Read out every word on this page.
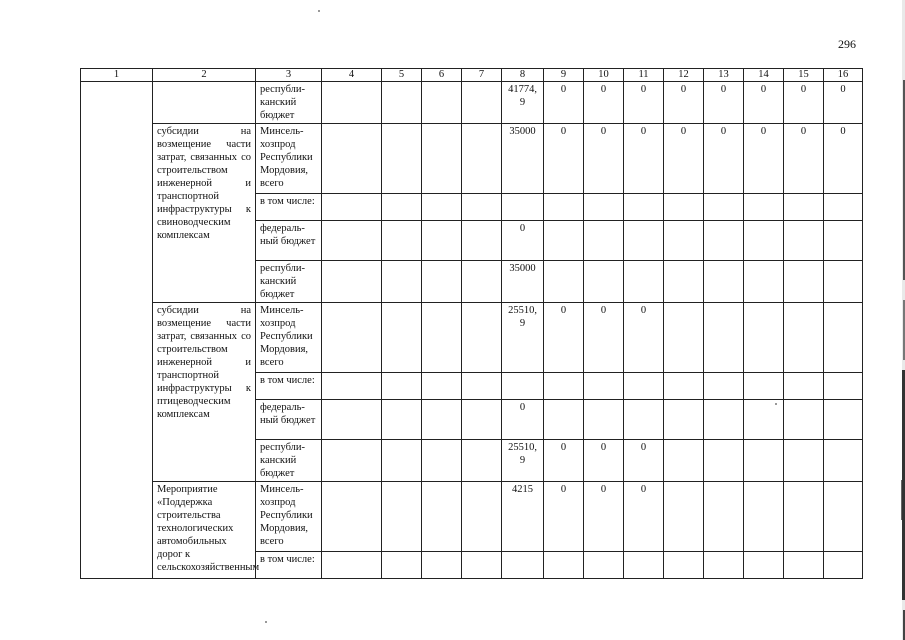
296
1	2	3	4	5	6	7	8	9	10	11	12	13	14	15	16
		республи-канский бюджет					41774, 9	0	0	0	0	0	0	0	0
	субсидии на возмещение части затрат, связанных со строительством инженерной и транспортной инфраструктуры к свиноводческим комплексам	Минсель-хозпрод Республики Мордовия, всего					35000	0	0	0	0	0	0	0	0
		в том числе:													
		федераль-ный бюджет					0								
		республи-канский бюджет					35000								
	субсидии на возмещение части затрат, связанных со строительством инженерной и транспортной инфраструктуры к птицеводческим комплексам	Минсель-хозпрод Республики Мордовия, всего					25510, 9	0	0	0					
		в том числе:													
		федераль-ный бюджет					0								
		республи-канский бюджет					25510, 9	0	0	0					
	Мероприятие «Поддержка строительства технологических автомобильных дорог к сельскохозяйственным	Минсель-хозпрод Республики Мордовия, всего					4215	0	0	0					
		в том числе:													
